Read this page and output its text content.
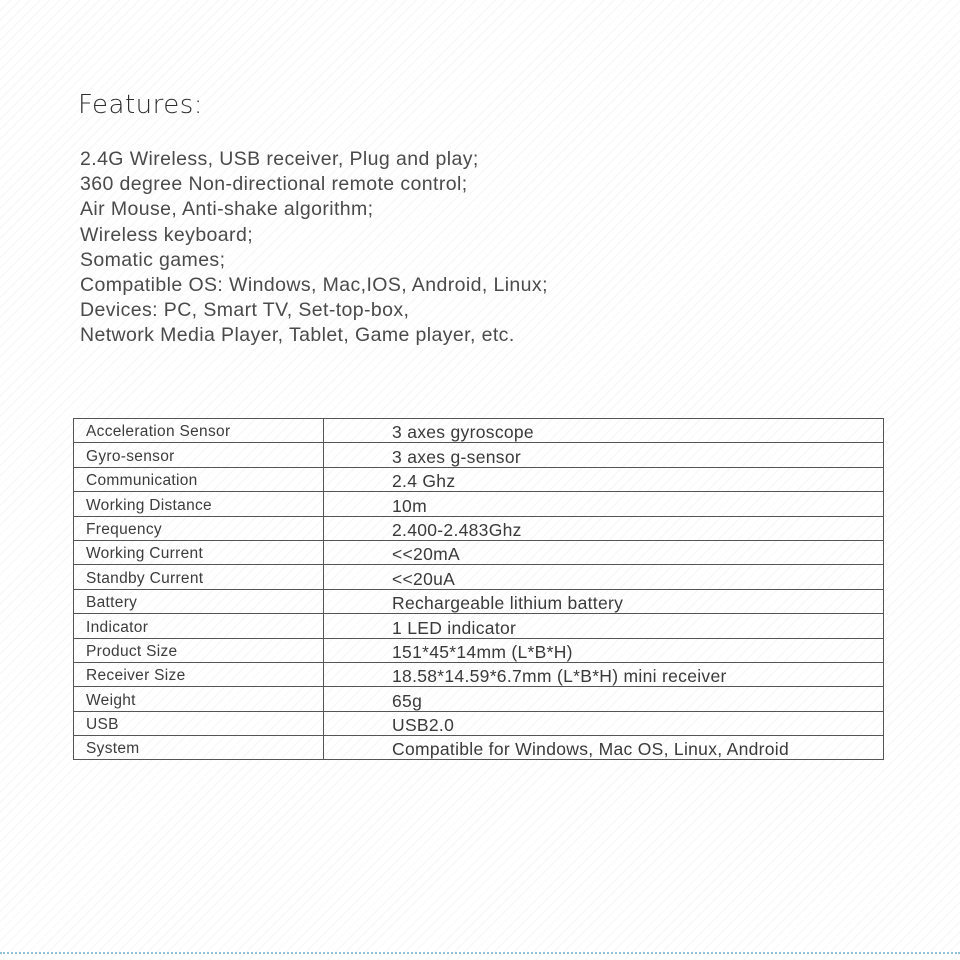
Features:
2.4G Wireless, USB receiver, Plug and play;
360 degree Non-directional remote control;
Air Mouse, Anti-shake algorithm;
Wireless keyboard;
Somatic games;
Compatible OS: Windows, Mac,IOS, Android, Linux;
Devices: PC, Smart TV, Set-top-box,
Network Media Player, Tablet, Game player, etc.
Acceleration Sensor	3 axes gyroscope
Gyro-sensor	3 axes g-sensor
Communication	2.4 Ghz
Working Distance	10m
Frequency	2.400-2.483Ghz
Working Current	<<20mA
Standby Current	<<20uA
Battery	Rechargeable lithium battery
Indicator	1 LED indicator
Product Size	151*45*14mm (L*B*H)
Receiver Size	18.58*14.59*6.7mm (L*B*H) mini receiver
Weight	65g
USB	USB2.0
System	Compatible for Windows, Mac OS, Linux, Android
